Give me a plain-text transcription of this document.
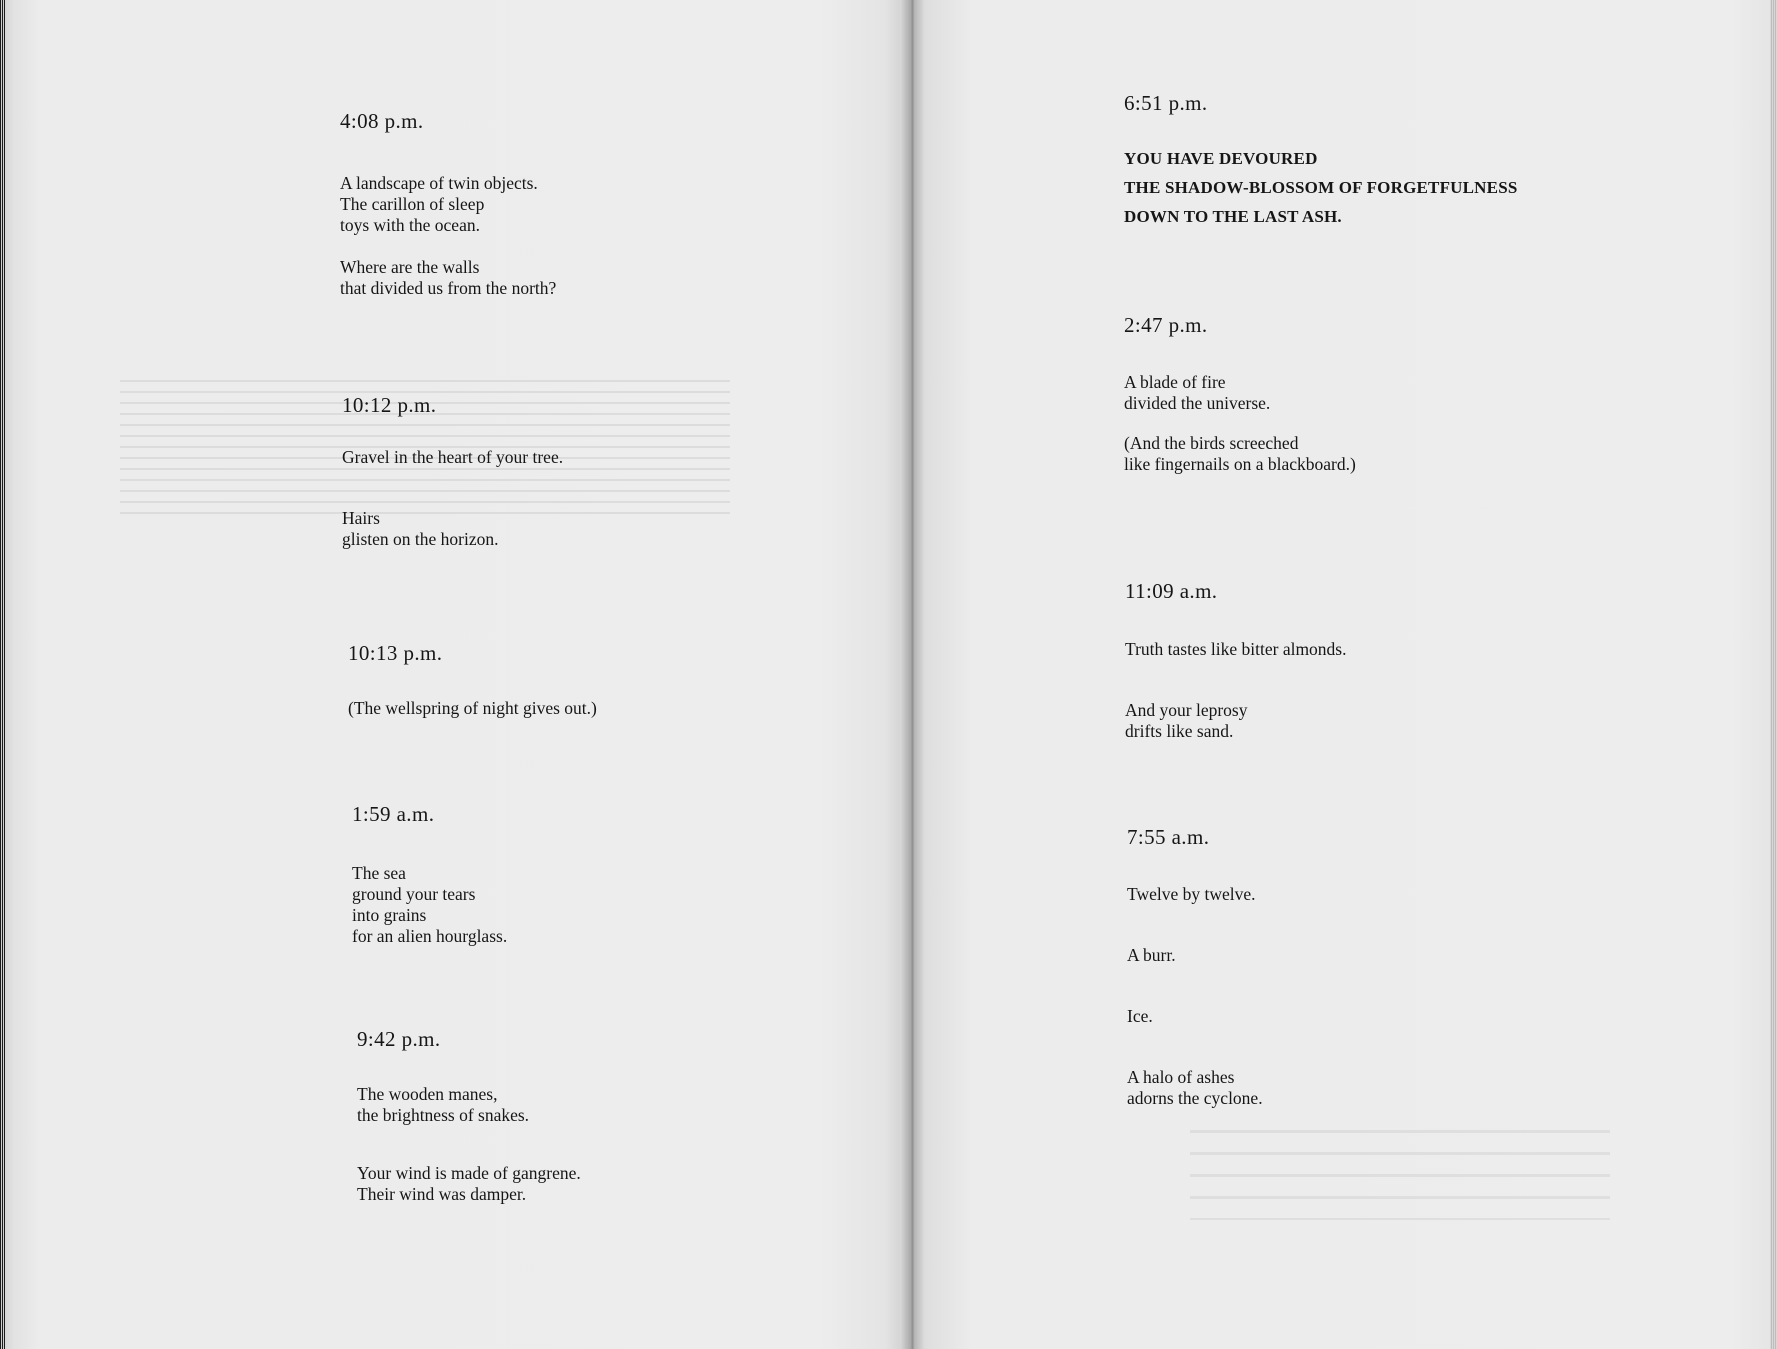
4:08 p.m.
A landscape of twin objects.
The carillon of sleep
toys with the ocean.
Where are the walls
that divided us from the north?
10:12 p.m.
Gravel in the heart of your tree.
Hairs
glisten on the horizon.
10:13 p.m.
(The wellspring of night gives out.)
1:59 a.m.
The sea
ground your tears
into grains
for an alien hourglass.
9:42 p.m.
The wooden manes,
the brightness of snakes.
Your wind is made of gangrene.
Their wind was damper.
6:51 p.m.
YOU HAVE DEVOURED
THE SHADOW-BLOSSOM OF FORGETFULNESS
DOWN TO THE LAST ASH.
2:47 p.m.
A blade of fire
divided the universe.
(And the birds screeched
like fingernails on a blackboard.)
11:09 a.m.
Truth tastes like bitter almonds.
And your leprosy
drifts like sand.
7:55 a.m.
Twelve by twelve.
A burr.
Ice.
A halo of ashes
adorns the cyclone.
